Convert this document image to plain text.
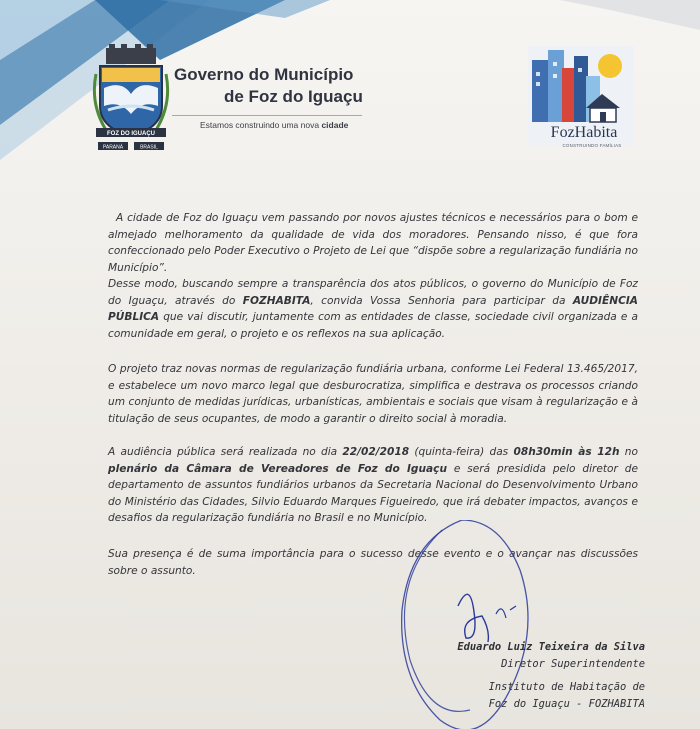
FOZ DO IGUAÇU
PARANÁ	BRASIL
Governo do Município
de Foz do Iguaçu
Estamos construindo uma nova cidade	FozHabita
CONSTRUINDO FAMÍLIAS

A cidade de Foz do Iguaçu vem passando por novos ajustes técnicos e necessários para o bom e almejado melhoramento da qualidade de vida dos moradores. Pensando nisso, é que fora confeccionado pelo Poder Executivo o Projeto de Lei que “dispõe sobre a regularização fundiária no Município”.

Desse modo, buscando sempre a transparência dos atos públicos, o governo do Município de Foz do Iguaçu, através do FOZHABITA, convida Vossa Senhoria para participar da AUDIÊNCIA PÚBLICA que vai discutir, juntamente com as entidades de classe, sociedade civil organizada e a comunidade em geral, o projeto e os reflexos na sua aplicação.

O projeto traz novas normas de regularização fundiária urbana, conforme Lei Federal 13.465/2017, e estabelece um novo marco legal que desburocratiza, simplifica e destrava os processos criando um conjunto de medidas jurídicas, urbanísticas, ambientais e sociais que visam à regularização e à titulação de seus ocupantes, de modo a garantir o direito social à moradia.

A audiência pública será realizada no dia 22/02/2018 (quinta-feira) das 08h30min às 12h no plenário da Câmara de Vereadores de Foz do Iguaçu e será presidida pelo diretor de departamento de assuntos fundiários urbanos da Secretaria Nacional do Desenvolvimento Urbano do Ministério das Cidades, Silvio Eduardo Marques Figueiredo, que irá debater impactos, avanços e desafios da regularização fundiária no Brasil e no Município.

Sua presença é de suma importância para o sucesso desse evento e o avançar nas discussões sobre o assunto.

Eduardo Luiz Teixeira da Silva
Diretor Superintendente
Instituto de Habitação de
Foz do Iguaçu - FOZHABITA
